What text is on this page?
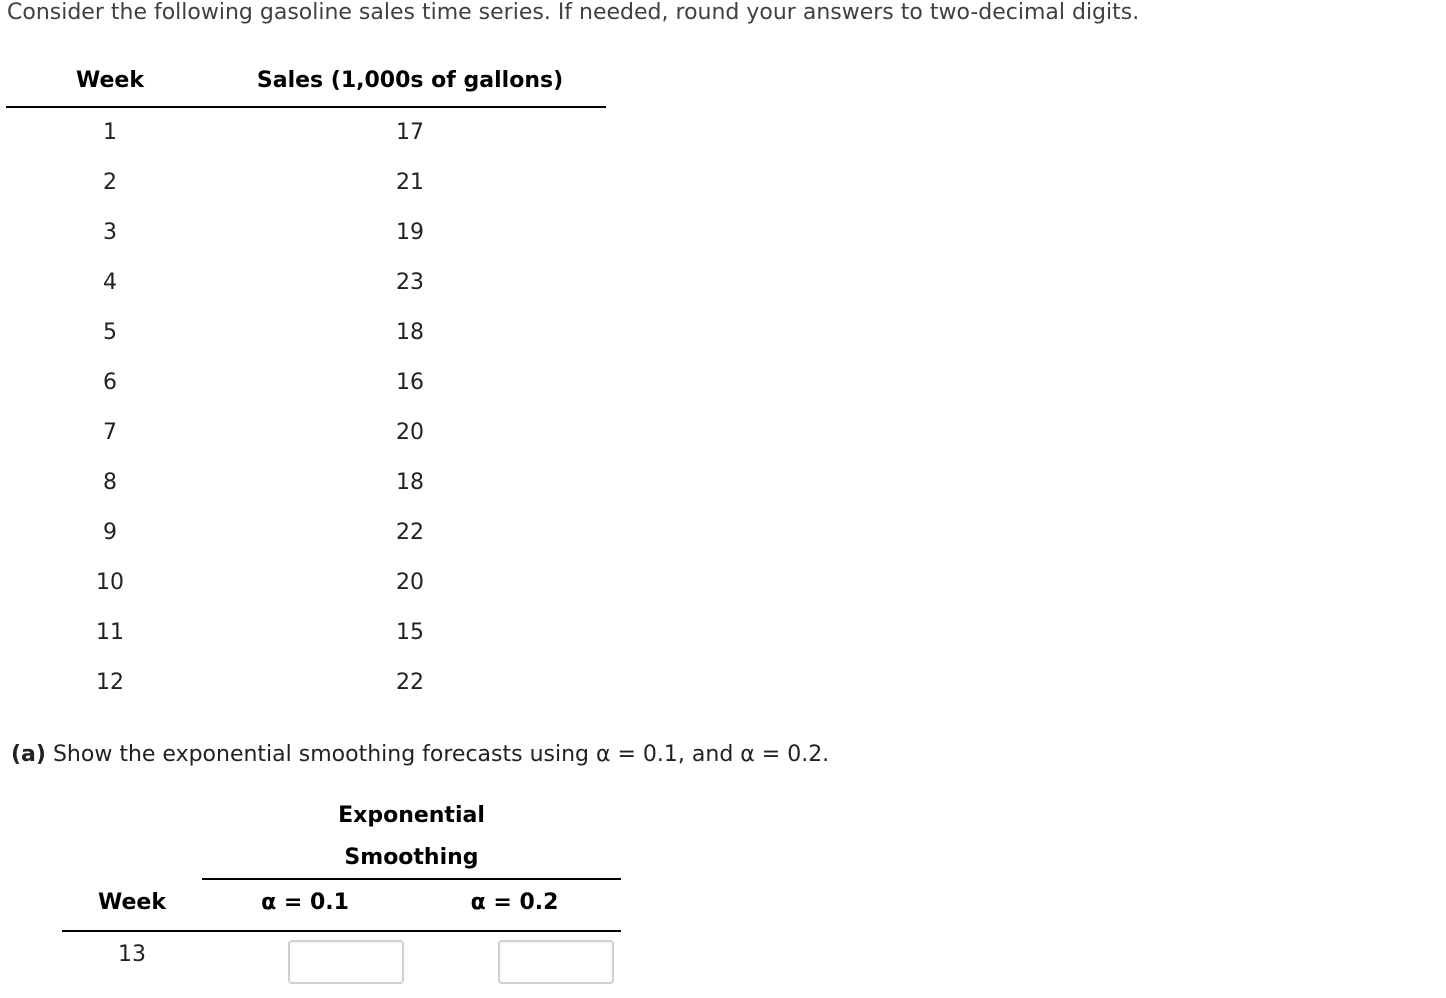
Consider the following gasoline sales time series. If needed, round your answers to two-decimal digits.
Week	Sales (1,000s of gallons)
1	17
2	21
3	19
4	23
5	18
6	16
7	20
8	18
9	22
10	20
11	15
12	22
(a) Show the exponential smoothing forecasts using α = 0.1, and α = 0.2.
Exponential
Smoothing
Week	α = 0.1	α = 0.2
13
